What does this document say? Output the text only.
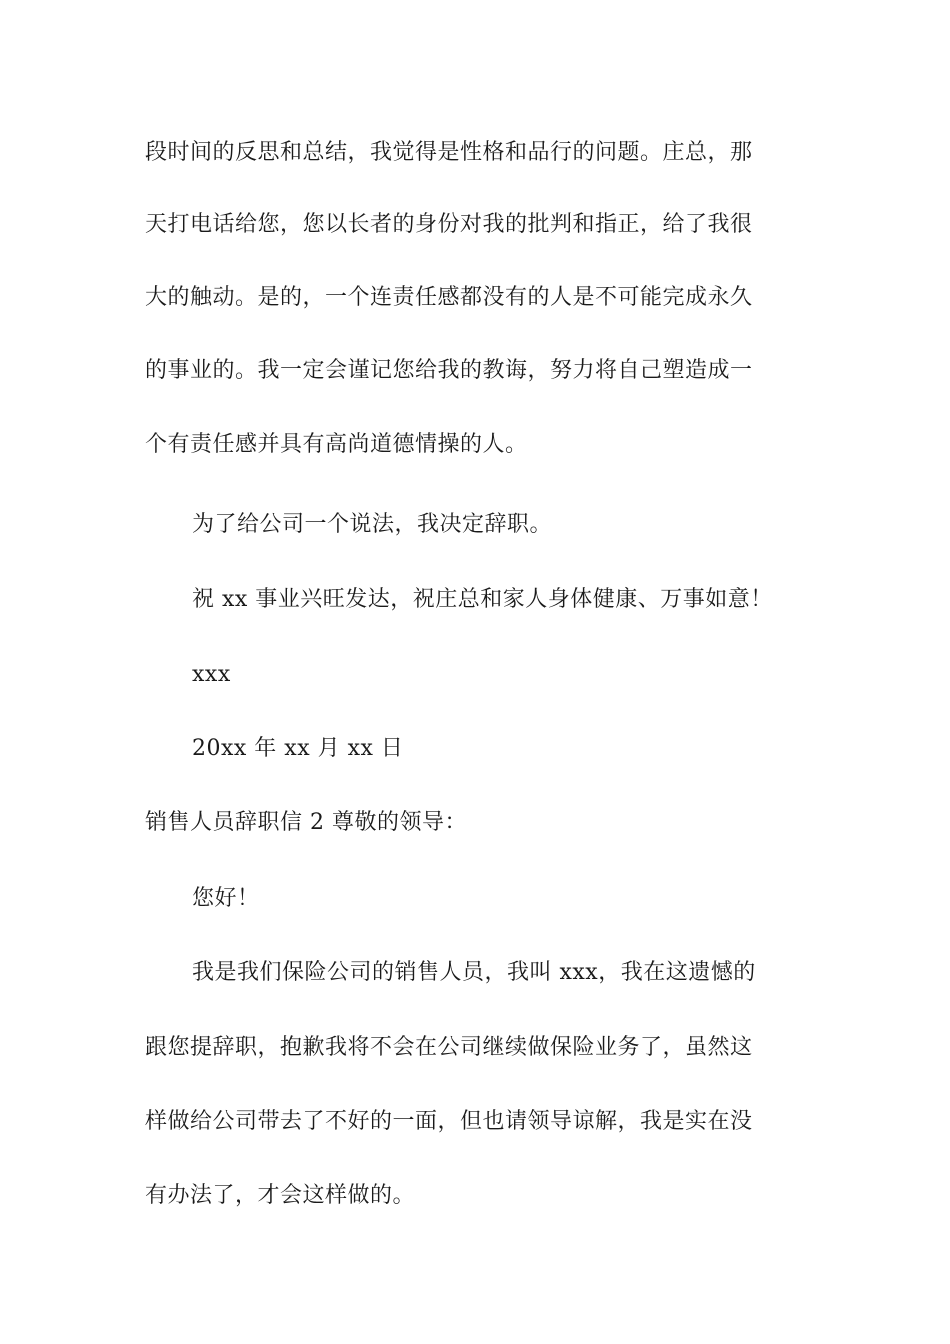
段时间的反思和总结，我觉得是性格和品行的问题。庄总，那
天打电话给您，您以长者的身份对我的批判和指正，给了我很
大的触动。是的，一个连责任感都没有的人是不可能完成永久
的事业的。我一定会谨记您给我的教诲，努力将自己塑造成一
个有责任感并具有高尚道德情操的人。
为了给公司一个说法，我决定辞职。
祝 xx 事业兴旺发达，祝庄总和家人身体健康、万事如意！
xxx
20xx 年 xx 月 xx 日
销售人员辞职信 2 尊敬的领导：
您好！
我是我们保险公司的销售人员，我叫 xxx，我在这遗憾的
跟您提辞职，抱歉我将不会在公司继续做保险业务了，虽然这
样做给公司带去了不好的一面，但也请领导谅解，我是实在没
有办法了，才会这样做的。
